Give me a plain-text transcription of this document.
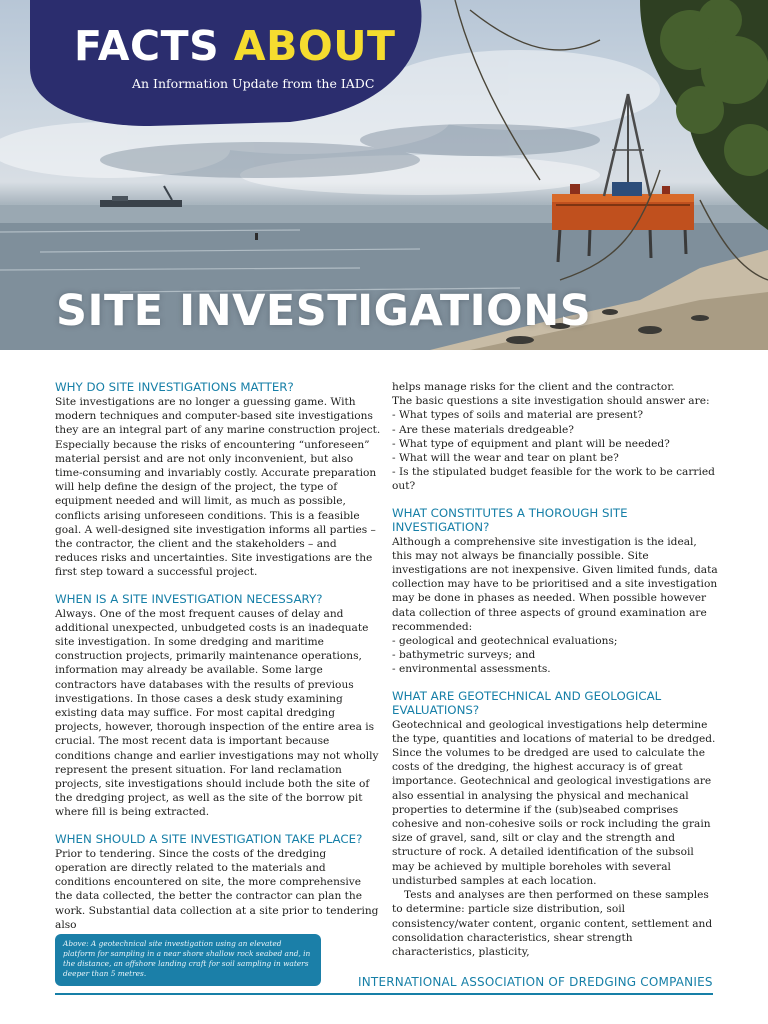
FACTS ABOUT
An Information Update from the IADC
SITE INVESTIGATIONS
WHY DO SITE INVESTIGATIONS MATTER?

Site investigations are no longer a guessing game. With modern techniques and computer-based site investigations they are an integral part of any marine construction project. Especially because the risks of encountering “unforeseen” material persist and are not only inconvenient, but also time-consuming and invariably costly. Accurate preparation will help define the design of the project, the type of equipment needed and will limit, as much as possible, conflicts arising unforeseen conditions. This is a feasible goal. A well-designed site investigation informs all parties – the contractor, the client and the stakeholders – and reduces risks and uncertainties. Site investigations are the first step toward a successful project.

WHEN IS A SITE INVESTIGATION NECESSARY?

Always. One of the most frequent causes of delay and additional unexpected, unbudgeted costs is an inadequate site investigation. In some dredging and maritime construction projects, primarily maintenance operations, information may already be available. Some large contractors have databases with the results of previous investigations. In those cases a desk study examining existing data may suffice. For most capital dredging projects, however, thorough inspection of the entire area is crucial. The most recent data is important because conditions change and earlier investigations may not wholly represent the present situation. For land reclamation projects, site investigations should include both the site of the dredging project, as well as the site of the borrow pit where fill is being extracted.

WHEN SHOULD A SITE INVESTIGATION TAKE PLACE?

Prior to tendering. Since the costs of the dredging operation are directly related to the materials and conditions encountered on site, the more comprehensive the data collected, the better the contractor can plan the work. Substantial data collection at a site prior to tendering also

helps manage risks for the client and the contractor.

The basic questions a site investigation should answer are:

- What types of soils and material are present?
- Are these materials dredgeable?
- What type of equipment and plant will be needed?
- What will the wear and tear on plant be?
- Is the stipulated budget feasible for the work to be carried out?
WHAT CONSTITUTES A THOROUGH SITE INVESTIGATION?

Although a comprehensive site investigation is the ideal, this may not always be financially possible. Site investigations are not inexpensive. Given limited funds, data collection may have to be prioritised and a site investigation may be done in phases as needed. When possible however data collection of three aspects of ground examination are recommended:

- geological and geotechnical evaluations;
- bathymetric surveys; and
- environmental assessments.
WHAT ARE GEOTECHNICAL AND GEOLOGICAL EVALUATIONS?

Geotechnical and geological investigations help determine the type, quantities and locations of material to be dredged. Since the volumes to be dredged are used to calculate the costs of the dredging, the highest accuracy is of great importance. Geotechnical and geological investigations are also essential in analysing the physical and mechanical properties to determine if the (sub)seabed comprises cohesive and non-cohesive soils or rock including the grain size of gravel, sand, silt or clay and the strength and structure of rock. A detailed identification of the subsoil may be achieved by multiple boreholes with several undisturbed samples at each location.

Tests and analyses are then performed on these samples to determine: particle size distribution, soil consistency/water content, organic content, settlement and consolidation characteristics, shear strength characteristics, plasticity,

Above: A geotechnical site investigation using an elevated platform for sampling in a near shore shallow rock seabed and, in the distance, an offshore landing craft for soil sampling in waters deeper than 5 metres.
INTERNATIONAL ASSOCIATION OF DREDGING COMPANIES
